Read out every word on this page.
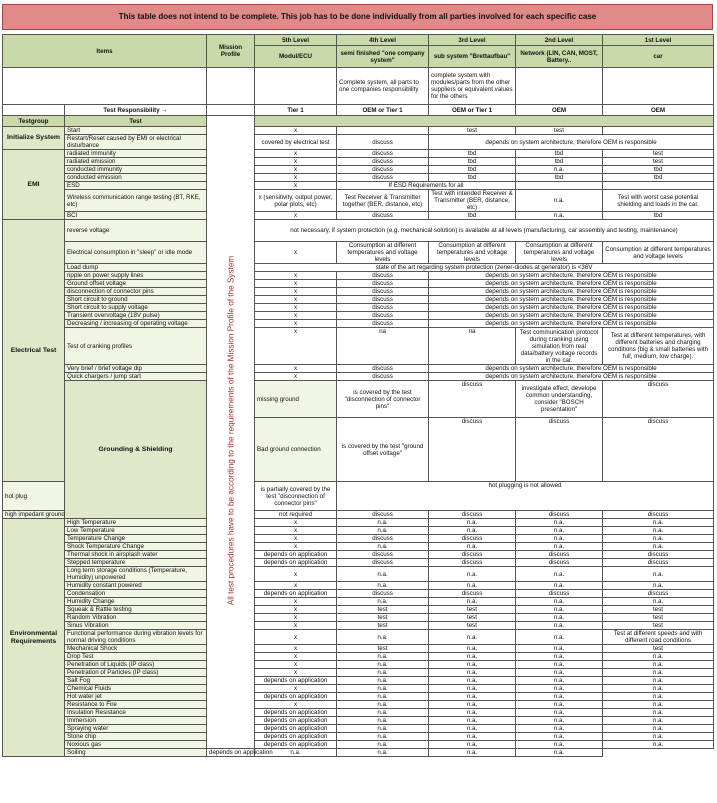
This table does not intend to be complete. This job has to be done individually from all parties involved for each specific case
Items		Mission Profile	5th Level	4th Level	3rd Level	2nd Level	1st Level	
			Modul/ECU	semi finished "one company system"	sub system "Brettaufbau"	Network (LIN, CAN, MOST, Battery..	car	
				Complete system, all parts to one companies responsibility	complete system with modules/parts from the other suppliers or equivalent values for the others			
	Test Responsibility →		Tier 1	OEM or Tier 1	OEM or Tier 1	OEM	OEM	
Testgroup	Test	All test procedures have to be according to the requirements of the Mission Profile of the System						

Initialize System	Start		x		test	test		
	Restart/Reset caused by EMI or electrical disturbance		covered by electrical test	discuss	depends on system architecture, therefore OEM is responsible			
EMI	radiated immunity		x	discuss	tbd	tbd	test	
	radiated emission		x	discuss	tbd	tbd	test	
	conducted immunity		x	discuss	tbd	n.a.	tbd	
	conducted emission		x	discuss	tbd	tbd	tbd	
	ESD		x	If ESD Requirements for all				
	Wireless communication range testing (BT, RKE, etc)		x (sensitivity, output power, polar plots, etc)	Test Receiver & Transmitter together (BER, distance, etc)	Test with intended Receiver & Transmitter (BER, distance, etc)	n.a.	Test with worst case potential shielding and loads in the car.	
	BCI		x	discuss	tbd	n.a.	tbd	
Electrical Test	reverse voltage		not necessary, if system protection (e.g. mechanical solution) is available at all levels (manufacturing, car assembly and testing, maintenance)					
	Electrical consumption in "sleep" or idle mode		x	Consumption at different temperatures and voltage levels	Consumption at different temperatures and voltage levels	Consumption at different temperatures and voltage levels	Consumption at different temperatures and voltage levels	
	Load dump		state of the art regarding system protection (zener-diodes at generator) is <36V					
	ripple on power supply lines		x	discuss	depends on system architecture, therefore OEM is responsible			
	Ground offset voltage		x	discuss	depends on system architecture, therefore OEM is responsible			
	disconnection of connector pins		x	discuss	depends on system architecture, therefore OEM is responsible			
	Short circuit to ground		x	discuss	depends on system architecture, therefore OEM is responsible			
	Short circuit to supply voltage		x	discuss	depends on system architecture, therefore OEM is responsible			
	Transient overvoltage (18V pulse)		x	discuss	depends on system architecture, therefore OEM is responsible			
	Decreasing / increasing of operating voltage		x	discuss	depends on system architecture, therefore OEM is responsible			
	Test of cranking profiles		x	na	na	Test communication protocol during cranking using simulation from real data/battery voltage records in the car.	Test at different temperatures, with different batteries and charging conditions (big & small batteries with full, medium, low charge).	
	Very brief / brief voltage dip		x	discuss	depends on system architecture, therefore OEM is responsible			
	Quick chargers / jump start		x	discuss	depends on system architecture, therefore OEM is responsible			
	Grounding & Shielding		missing ground	is covered by the test "disconnection of connector pins"	discuss	investigate effect, develope common understanding, consider "BOSCH presentation"	discuss	
			Bad ground connection	is covered by the test "ground offset voltage"	discuss	discuss	discuss	
hot plug			is partially covered by the test "disconnection of connector pins"	hot plugging is not allowed				
high impedant ground			not required	discuss	discuss	discuss	discuss	
Environmental Requirements	High Temperature		x	n.a.	n.a.	n.a.	n.a.	
	Low Temperature		x	n.a.	n.a.	n.a.	n.a.	
	Temperature Change		x	discuss	discuss	n.a.	n.a.	
	Shock Temperature Change		x	n.a.	n.a.	n.a.	n.a.	
	Thermal shock in airsplash water		depends on application	discuss	discuss	discuss	discuss	
	Stepped temperature		depends on application	discuss	discuss	discuss	discuss	
	Long term storage conditions (Temperature, Humidity) unpowered		x	n.a.	n.a.	n.a.	n.a.	
	Humidity constant powered		x	n.a.	n.a.	n.a.	n.a.	
	Condensation		depends on application	discuss	discuss	discuss	discuss	
	Humidity Change		x	n.a.	n.a.	n.a.	n.a.	
	Squeak & Rattle testing		x	test	test	n.a.	test	
	Random Vibration		x	test	test	n.a.	test	
	Sinus Vibration		x	test	test	n.a.	test	
	Functional performance during vibration levels for normal driving conditions		x	n.a.	n.a.	n.a.	Test at different speeds and with different road conditions	
	Mechanical Shock		x	test	n.a.	n.a.	test	
	Drop Test		x	n.a.	n.a.	n.a.	n.a.	
	Penetration of Liquids (IP class)		x	n.a.	n.a.	n.a.	n.a.	
	Penetration of Particles (IP class)		x	n.a.	n.a.	n.a.	n.a.	
	Salt Fog		depends on application	n.a.	n.a.	n.a.	n.a.	
	Chemical Fluids		x	n.a.	n.a.	n.a.	n.a.	
	Hot water jet		depends on application	n.a.	n.a.	n.a.	n.a.	
	Resistance to Fire		x	n.a.	n.a.	n.a.	n.a.	
	Insulation Resistance		depends on application	n.a.	n.a.	n.a.	n.a.	
	Immersion		depends on application	n.a.	n.a.	n.a.	n.a.	
	Spraying water		depends on application	n.a.	n.a.	n.a.	n.a.	
	Stone chip		depends on application	n.a.	n.a.	n.a.	n.a.	
	Noxious gas		depends on application	n.a.	n.a.	n.a.	n.a.	
	Soiling	depends on application	n.a.	n.a.	n.a.	n.a.		
